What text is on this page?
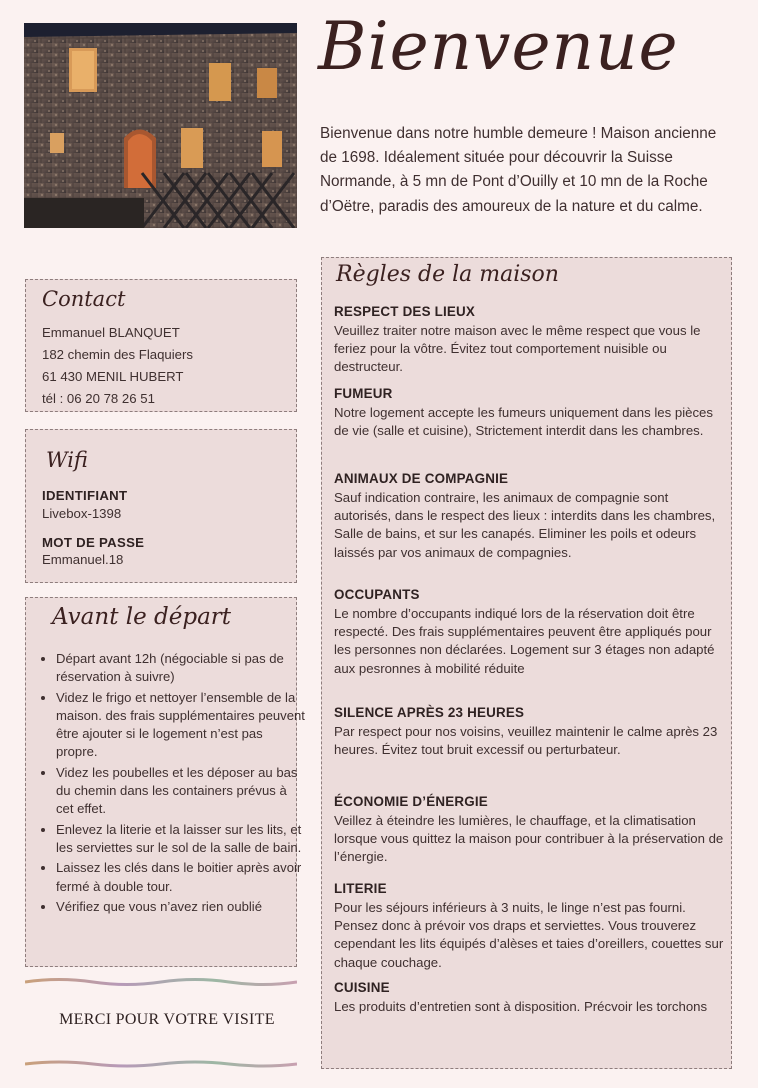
Bienvenue
Bienvenue dans notre humble demeure ! Maison ancienne de 1698. Idéalement située pour découvrir la Suisse Normande, à 5 mn de Pont d’Ouilly et 10 mn de la Roche d’Oëtre, paradis des amoureux de la nature et du calme.
Contact
Emmanuel BLANQUET
182 chemin des Flaquiers
61 430 MENIL HUBERT
tél : 06 20 78 26 51
Wifi
IDENTIFIANT
Livebox-1398
MOT DE PASSE
Emmanuel.18
Avant le départ
• Départ avant 12h (négociable si pas de réservation à suivre)
• Videz le frigo et nettoyer l’ensemble de la maison. des frais supplémentaires peuvent être ajouter si le logement n’est pas propre.
• Videz les poubelles et les déposer au bas du chemin dans les containers prévus à cet effet.
• Enlevez la literie et la laisser sur les lits, et les serviettes sur le sol de la salle de bain.
• Laissez les clés dans le boitier après avoir fermé à double tour.
• Vérifiez que vous n’avez rien oublié
MERCI POUR VOTRE VISITE
Règles de la maison
RESPECT DES LIEUX
Veuillez traiter notre maison avec le même respect que vous le feriez pour la vôtre. Évitez tout comportement nuisible ou destructeur.
FUMEUR
Notre logement accepte les fumeurs uniquement dans les pièces de vie (salle et cuisine), Strictement interdit dans les chambres.
ANIMAUX DE COMPAGNIE
Sauf indication contraire, les animaux de compagnie sont autorisés, dans le respect des lieux : interdits dans les chambres, Salle de bains, et sur les canapés. Eliminer les poils et odeurs laissés par vos animaux de compagnies.
OCCUPANTS
Le nombre d’occupants indiqué lors de la réservation doit être respecté. Des frais supplémentaires peuvent être appliqués pour les personnes non déclarées. Logement sur 3 étages non adapté aux pesronnes à mobilité réduite
SILENCE APRÈS 23 HEURES
Par respect pour nos voisins, veuillez maintenir le calme après 23 heures. Évitez tout bruit excessif ou perturbateur.
ÉCONOMIE D’ÉNERGIE
Veillez à éteindre les lumières, le chauffage, et la climatisation lorsque vous quittez la maison pour contribuer à la préservation de l’énergie.
LITERIE
Pour les séjours inférieurs à 3 nuits, le linge n’est pas fourni. Pensez donc à prévoir vos draps et serviettes. Vous trouverez cependant les lits équipés d’alèses et taies d’oreillers, couettes sur chaque couchage.
CUISINE
Les produits d’entretien sont à disposition. Précvoir les torchons
